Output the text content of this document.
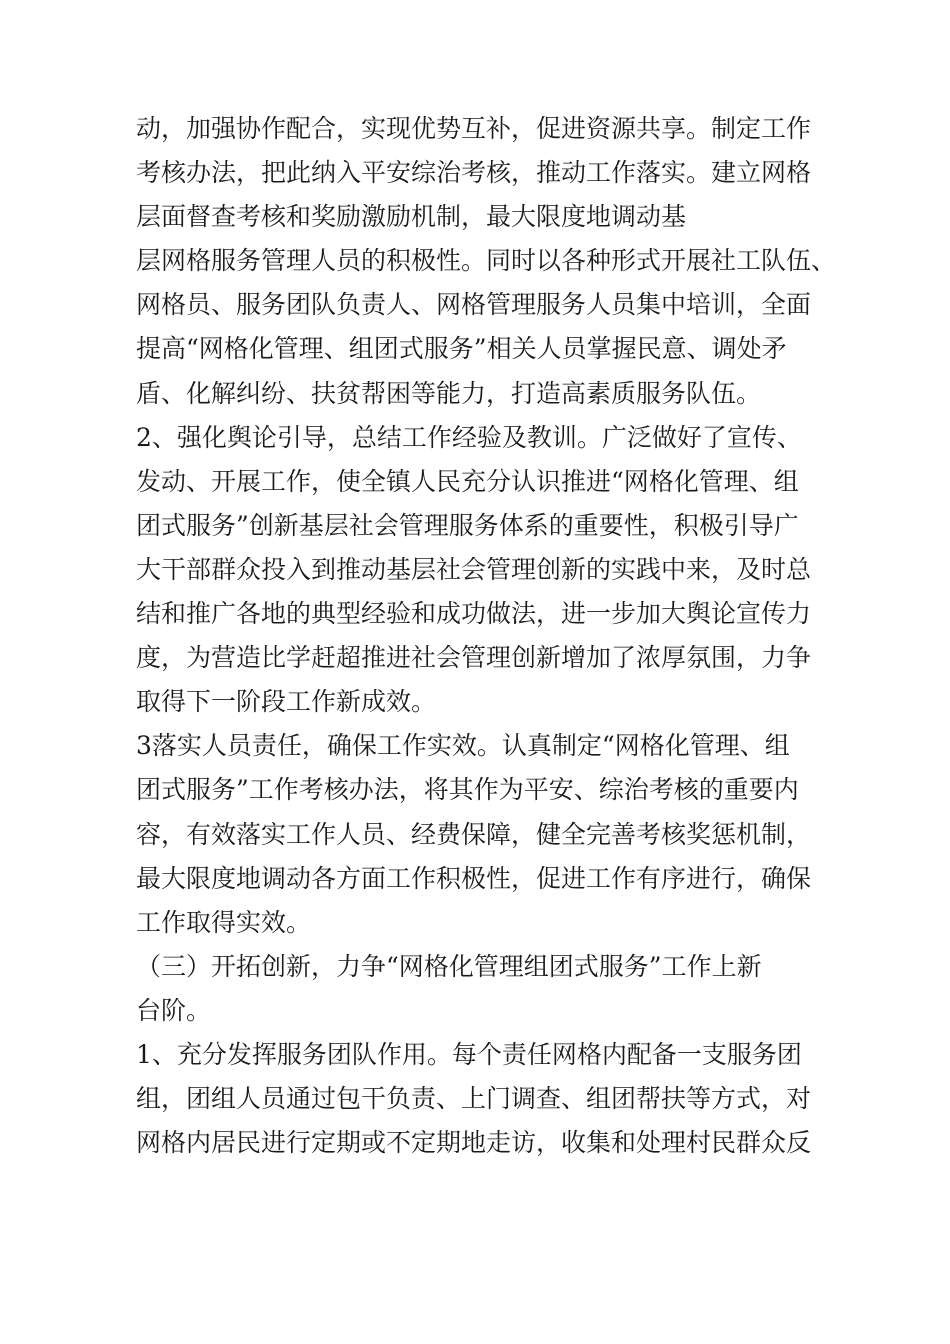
动，加强协作配合，实现优势互补，促进资源共享。制定工作
考核办法，把此纳入平安综治考核，推动工作落实。建立网格
层面督查考核和奖励激励机制，最大限度地调动基
层网格服务管理人员的积极性。同时以各种形式开展社工队伍、
网格员、服务团队负责人、网格管理服务人员集中培训，全面
提高“网格化管理、组团式服务”相关人员掌握民意、调处矛
盾、化解纠纷、扶贫帮困等能力，打造高素质服务队伍。
2、强化舆论引导，总结工作经验及教训。广泛做好了宣传、
发动、开展工作，使全镇人民充分认识推进“网格化管理、组
团式服务”创新基层社会管理服务体系的重要性，积极引导广
大干部群众投入到推动基层社会管理创新的实践中来，及时总
结和推广各地的典型经验和成功做法，进一步加大舆论宣传力
度，为营造比学赶超推进社会管理创新增加了浓厚氛围，力争
取得下一阶段工作新成效。
3落实人员责任，确保工作实效。认真制定“网格化管理、组
团式服务”工作考核办法，将其作为平安、综治考核的重要内
容，有效落实工作人员、经费保障，健全完善考核奖惩机制，
最大限度地调动各方面工作积极性，促进工作有序进行，确保
工作取得实效。
（三）开拓创新，力争“网格化管理组团式服务”工作上新
台阶。
1、充分发挥服务团队作用。每个责任网格内配备一支服务团
组，团组人员通过包干负责、上门调查、组团帮扶等方式，对
网格内居民进行定期或不定期地走访，收集和处理村民群众反
